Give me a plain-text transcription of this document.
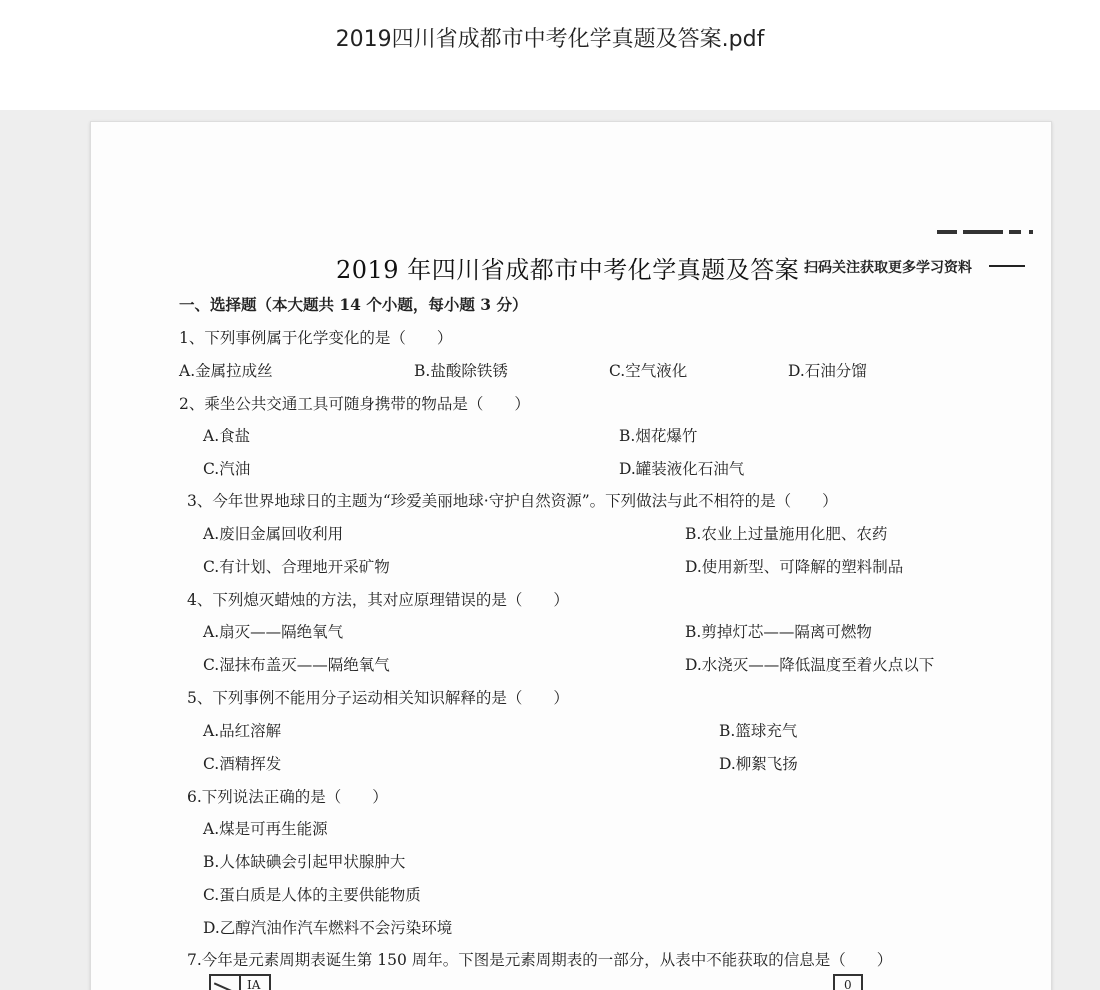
2019四川省成都市中考化学真题及答案.pdf
2019 年四川省成都市中考化学真题及答案 扫码关注获取更多学习资料
一、选择题（本大题共 14 个小题，每小题 3 分）
1、下列事例属于化学变化的是（　　）
A.金属拉成丝	B.盐酸除铁锈	C.空气液化	D.石油分馏
2、乘坐公共交通工具可随身携带的物品是（　　）
A.食盐	B.烟花爆竹
C.汽油	D.罐装液化石油气
3、今年世界地球日的主题为“珍爱美丽地球·守护自然资源”。下列做法与此不相符的是（　　）
A.废旧金属回收利用	B.农业上过量施用化肥、农药
C.有计划、合理地开采矿物	D.使用新型、可降解的塑料制品
4、下列熄灭蜡烛的方法，其对应原理错误的是（　　）
A.扇灭——隔绝氧气	B.剪掉灯芯——隔离可燃物
C.湿抹布盖灭——隔绝氧气	D.水浇灭——降低温度至着火点以下
5、下列事例不能用分子运动相关知识解释的是（　　）
A.品红溶解	B.篮球充气
C.酒精挥发	D.柳絮飞扬
6.下列说法正确的是（　　）
A.煤是可再生能源
B.人体缺碘会引起甲状腺肿大
C.蛋白质是人体的主要供能物质
D.乙醇汽油作汽车燃料不会污染环境
7.今年是元素周期表诞生第 150 周年。下图是元素周期表的一部分，从表中不能获取的信息是（　　）
IA	0
